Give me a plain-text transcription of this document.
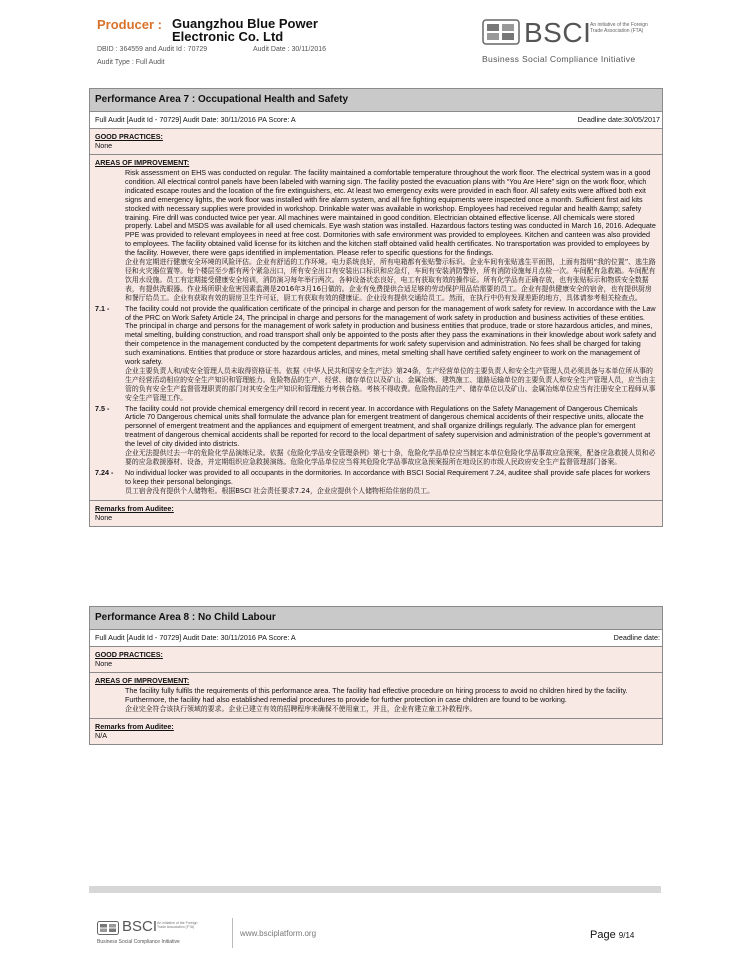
Producer : Guangzhou Blue Power Electronic Co. Ltd
DBID : 364559 and Audit Id : 70729	Audit Date : 30/11/2016
Audit Type : Full Audit
BSCI
An initiative of the Foreign Trade Association (FTA)
Business Social Compliance Initiative
Performance Area 7 : Occupational Health and Safety
Full Audit [Audit Id - 70729] Audit Date: 30/11/2016 PA Score: A	Deadline date:30/05/2017
GOOD PRACTICES:
None
AREAS OF IMPROVEMENT:
Risk assessment on EHS was conducted on regular. The facility maintained a comfortable temperature throughout the work floor. The electrical system was in a good condition. All electrical control panels have been labeled with warning sign. The facility posted the evacuation plans with “You Are Here” sign on the work floor, which indicated escape routes and the location of the fire extinguishers, etc. At least two emergency exits were provided in each floor. All safety exits were affixed both exit signs and emergency lights, the work floor was installed with fire alarm system, and all fire fighting equipments were inspected once a month. Sufficient first aid kits stocked with necessary supplies were provided in workshop. Drinkable water was available in workshop. Employees had received regular and health &amp; safety training. Fire drill was conducted twice per year. All machines were maintained in good condition. Electrician obtained effective license. All chemicals were stored properly. Label and MSDS was available for all used chemicals. Eye wash station was installed. Hazardous factors testing was conducted in March 16, 2016. Adequate PPE was provided to relevant employees in need at free cost. Dormitories with safe environment was provided to employees. Kitchen and canteen was also provided to employees. The facility obtained valid license for its kitchen and the kitchen staff obtained valid health certificates. No transportation was provided to employees by the facility. However, there were gaps identified in implementation. Please refer to specific questions for the findings.
企业有定期进行健康安全环境的风险评估。企业有舒适的工作环境。电力系统良好，所有电箱都有张贴警示标识。企业车间有张贴逃生平面图，上面有指明“我的位置”、逃生路径和火灾器位置等。每个楼层至少都有两个紧急出口，所有安全出口有安装出口标识和应急灯，车间有安装消防警铃，所有消防设施每月点检一次。车间配有急救箱。车间配有饮用水设施。员工有定期接受健康安全培训，消防演习每年举行两次。各种设备状态良好，电工有获取有效的操作证。所有化学品有正确存放，也有张贴标示和物质安全数据表，有提供洗眼器。作业场所职业危害因素监测是2016年3月16日做的。企业有免费提供合适足够的劳动保护用品给需要的员工。企业有提供健康安全的宿舍，也有提供厨房和餐厅给员工。企业有获取有效的厨房卫生许可证，厨工有获取有效的健康证。企业没有提供交通给员工。然而，在执行中仍有发现差距的地方，具体请参考相关检查点。
7.1 -	The facility could not provide the qualification certificate of the principal in charge and person for the management of work safety for review. In accordance with the Law of the PRC on Work Safety Article 24, The principal in charge and persons for the management of work safety in production and business activities of these entities. The principal in charge and persons for the management of work safety in production and business entities that produce, trade or store hazardous articles, and mines, metal smelting, building construction, and road transport shall only be appointed to the posts after they pass the examinations in their knowledge about work safety and their competence in the management conducted by the competent departments for work safety supervision and administration. No fees shall be charged for taking such examinations. Entities that produce or store hazardous articles, and mines, metal smelting shall have certified safety engineer to work on the management of work safety.
企业主要负责人和/或安全管理人员未取得资格证书。依据《中华人民共和国安全生产法》第24条，生产经营单位的主要负责人和安全生产管理人员必须具备与本单位所从事的生产经营活动相应的安全生产知识和管理能力。危险物品的生产、经营、储存单位以及矿山、金属冶炼、建筑施工、道路运输单位的主要负责人和安全生产管理人员，应当由主管的负有安全生产监督管理职责的部门对其安全生产知识和管理能力考核合格。考核不得收费。危险物品的生产、储存单位以及矿山、金属冶炼单位应当有注册安全工程师从事安全生产管理工作。
7.5 -	The facility could not provide chemical emergency drill record in recent year. In accordance with Regulations on the Safety Management of Dangerous Chemicals Article 70 Dangerous chemical units shall formulate the advance plan for emergent treatment of dangerous chemical accidents of their respective units, allocate the personnel of emergent treatment and the appliances and equipment of emergent treatment, and shall organize drillings regularly. The advance plan for emergent treatment of dangerous chemical accidents shall be reported for record to the local department of safety supervision and administration of the people’s government at the level of city divided into districts.
企业无法提供过去一年的危险化学品演练记录。依据《危险化学品安全管理条例》第七十条，危险化学品单位应当制定本单位危险化学品事故应急预案，配备应急救援人员和必要的应急救援器材、设备，并定期组织应急救援演练。危险化学品单位应当将其危险化学品事故应急预案报所在地设区的市级人民政府安全生产监督管理部门备案。
7.24 -	No individual locker was provided to all occupants in the dormitories. In accordance with BSCI Social Requirement 7.24, auditee shall provide safe places for workers to keep their personal belongings.
员工宿舍没有提供个人储物柜。根据BSCI 社会责任要求7.24，企业应提供个人储物柜给住宿的员工。
Remarks from Auditee:
None
Performance Area 8 : No Child Labour
Full Audit [Audit Id - 70729] Audit Date: 30/11/2016 PA Score: A	Deadline date:
GOOD PRACTICES:
None
AREAS OF IMPROVEMENT:
The facility fully fulfils the requirements of this performance area. The facility had effective procedure on hiring process to avoid no children hired by the facility. Furthermore, the facility had also established remedial procedures to provide for further protection in case children are found to be working.
企业完全符合该执行领域的要求。企业已建立有效的招聘程序来确保不使用童工，并且，企业有建立童工补救程序。
Remarks from Auditee:
N/A
BSCI An initiative of the Foreign Trade Association (FTA)
Business Social Compliance Initiative
www.bsciplatform.org	Page 9/14
